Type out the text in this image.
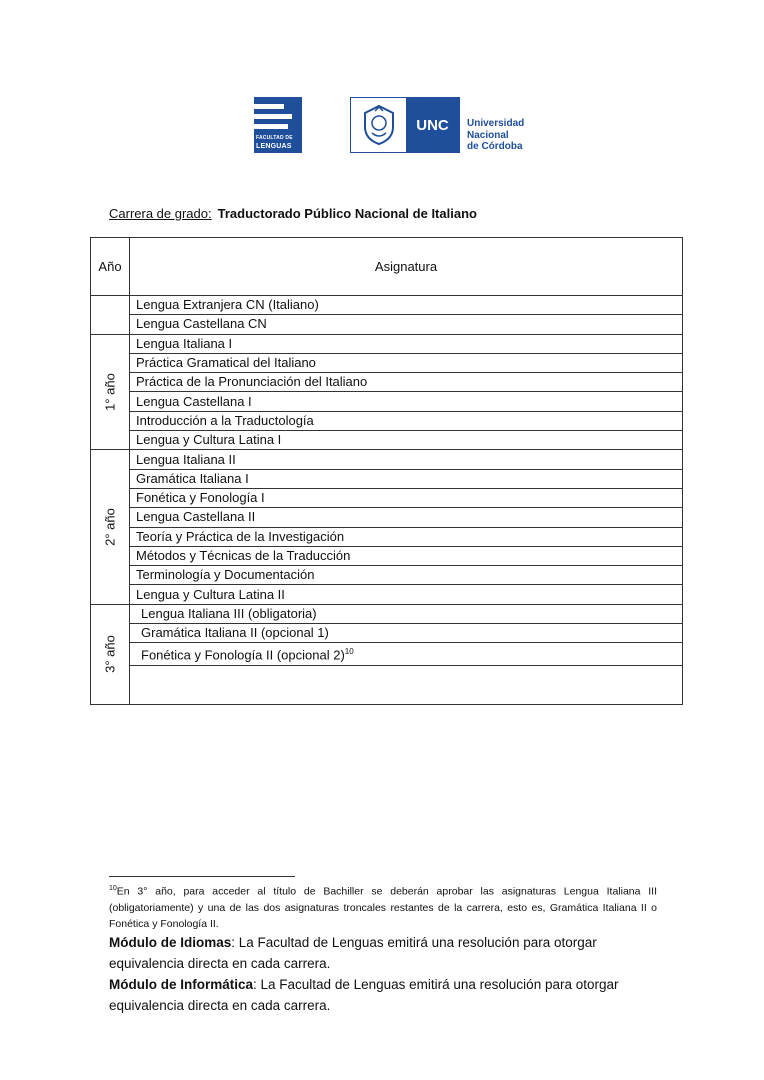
FACULTAD DE
LENGUAS
UNC	Universidad
Nacional
de Córdoba
Carrera de grado: Traductorado Público Nacional de Italiano
Año	Asignatura

	Lengua Extranjera CN (Italiano)
	Lengua Castellana CN

1° año	Lengua Italiana I
	Práctica Gramatical del Italiano
	Práctica de la Pronunciación del Italiano
	Lengua Castellana I
	Introducción a la Traductología
	Lengua y Cultura Latina I

2° año	Lengua Italiana II
	Gramática Italiana I
	Fonética y Fonología I
	Lengua Castellana II
	Teoría y Práctica de la Investigación
	Métodos y Técnicas de la Traducción
	Terminología y Documentación
	Lengua y Cultura Latina II

3° año	Lengua Italiana III (obligatoria)
	Gramática Italiana II (opcional 1)
	Fonética y Fonología II (opcional 2)$^{10}$

$^{10}$En 3° año, para acceder al título de Bachiller se deberán aprobar las asignaturas Lengua Italiana III (obligatoriamente) y una de las dos asignaturas troncales restantes de la carrera, esto es, Gramática Italiana II o Fonética y Fonología II.
Módulo de Idiomas: La Facultad de Lenguas emitirá una resolución para otorgar equivalencia directa en cada carrera.
Módulo de Informática: La Facultad de Lenguas emitirá una resolución para otorgar equivalencia directa en cada carrera.
